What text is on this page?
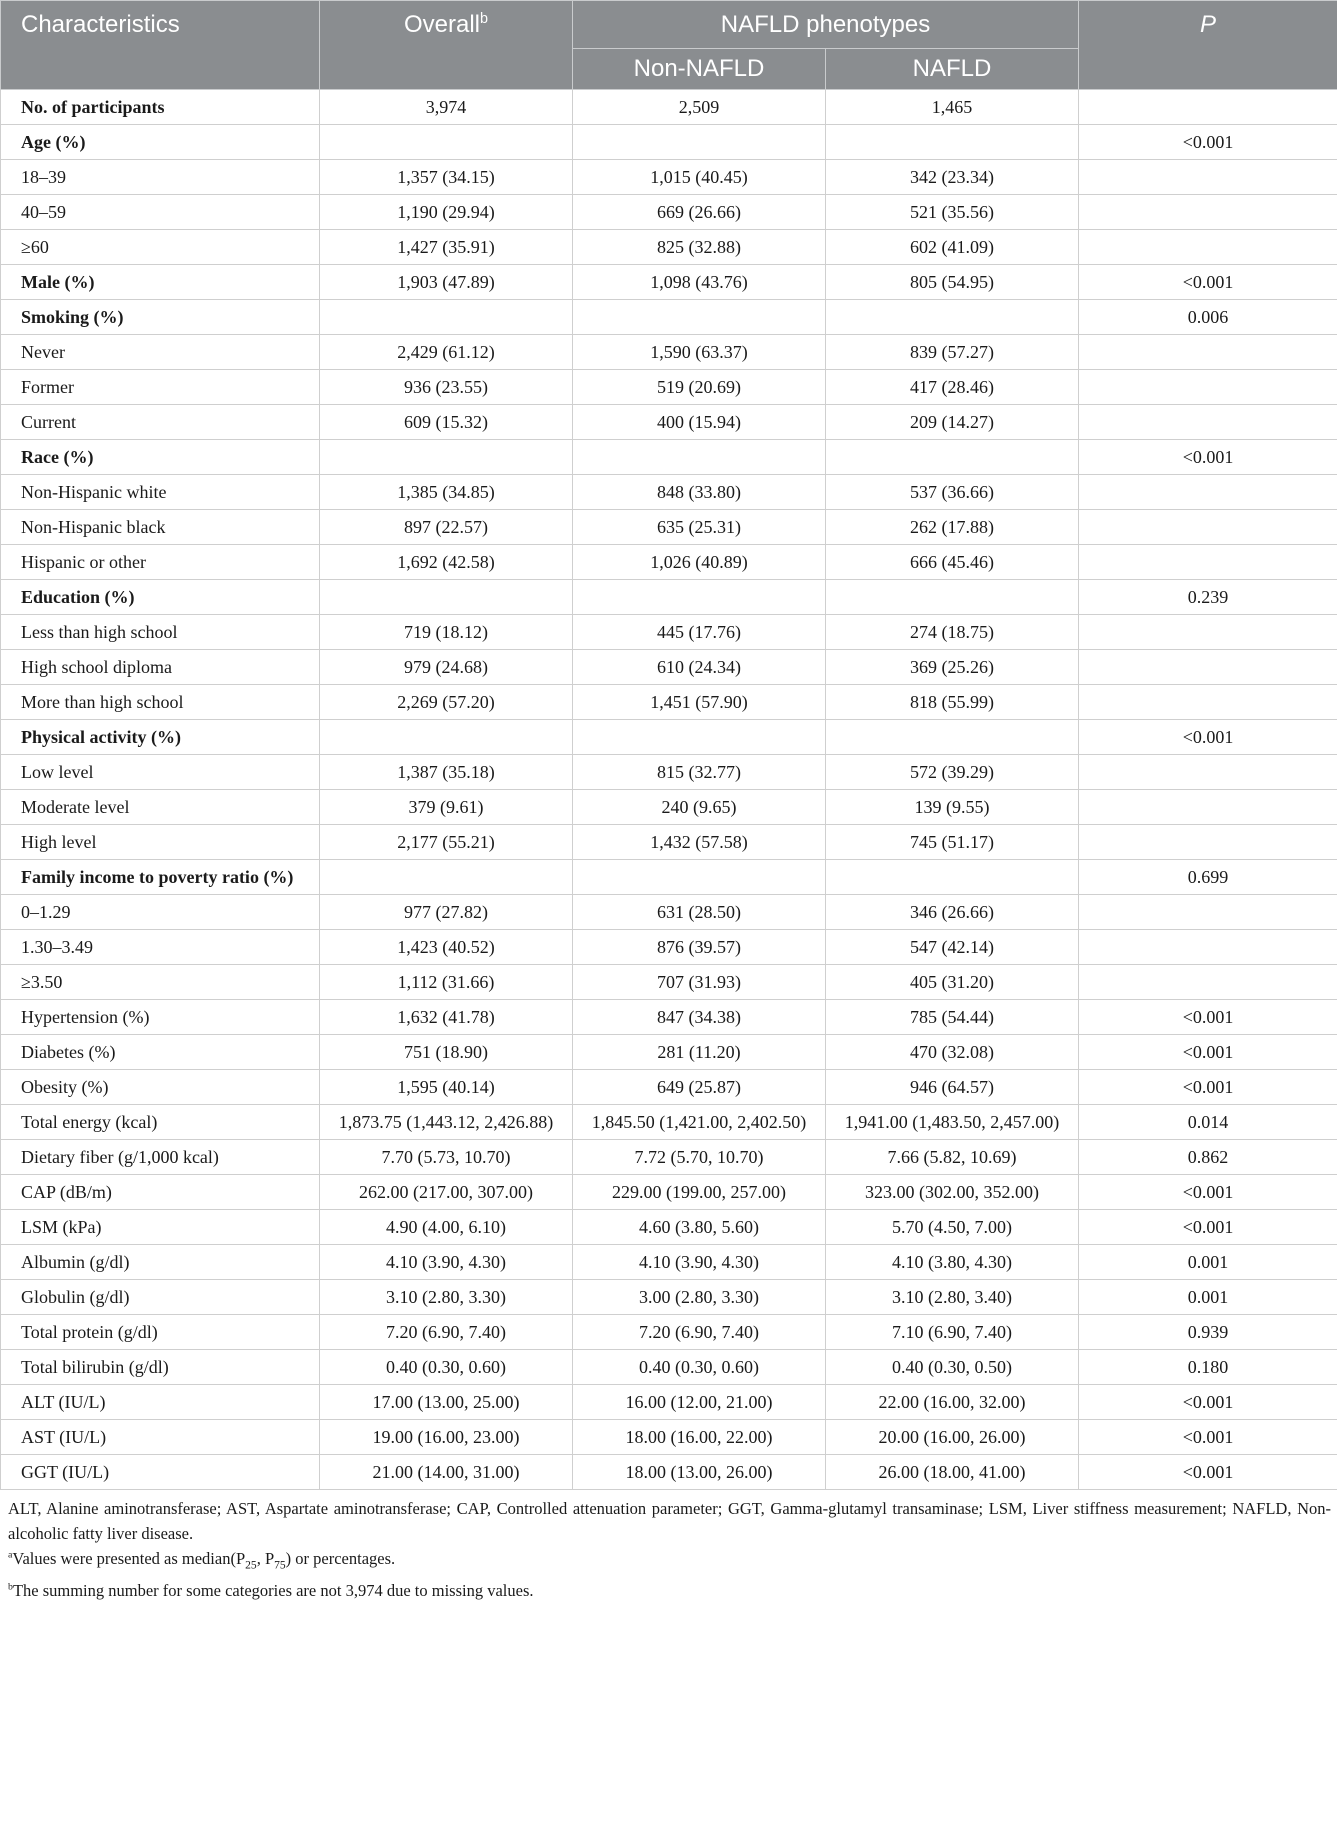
Characteristics	Overall$^b$	NAFLD phenotypes		P
		Non-NAFLD	NAFLD	
No. of participants	3,974	2,509	1,465	
Age (%)				<0.001
18–39	1,357 (34.15)	1,015 (40.45)	342 (23.34)	
40–59	1,190 (29.94)	669 (26.66)	521 (35.56)	
≥60	1,427 (35.91)	825 (32.88)	602 (41.09)	
Male (%)	1,903 (47.89)	1,098 (43.76)	805 (54.95)	<0.001
Smoking (%)				0.006
Never	2,429 (61.12)	1,590 (63.37)	839 (57.27)	
Former	936 (23.55)	519 (20.69)	417 (28.46)	
Current	609 (15.32)	400 (15.94)	209 (14.27)	
Race (%)				<0.001
Non-Hispanic white	1,385 (34.85)	848 (33.80)	537 (36.66)	
Non-Hispanic black	897 (22.57)	635 (25.31)	262 (17.88)	
Hispanic or other	1,692 (42.58)	1,026 (40.89)	666 (45.46)	
Education (%)				0.239
Less than high school	719 (18.12)	445 (17.76)	274 (18.75)	
High school diploma	979 (24.68)	610 (24.34)	369 (25.26)	
More than high school	2,269 (57.20)	1,451 (57.90)	818 (55.99)	
Physical activity (%)				<0.001
Low level	1,387 (35.18)	815 (32.77)	572 (39.29)	
Moderate level	379 (9.61)	240 (9.65)	139 (9.55)	
High level	2,177 (55.21)	1,432 (57.58)	745 (51.17)	
Family income to poverty ratio (%)				0.699
0–1.29	977 (27.82)	631 (28.50)	346 (26.66)	
1.30–3.49	1,423 (40.52)	876 (39.57)	547 (42.14)	
≥3.50	1,112 (31.66)	707 (31.93)	405 (31.20)	
Hypertension (%)	1,632 (41.78)	847 (34.38)	785 (54.44)	<0.001
Diabetes (%)	751 (18.90)	281 (11.20)	470 (32.08)	<0.001
Obesity (%)	1,595 (40.14)	649 (25.87)	946 (64.57)	<0.001
Total energy (kcal)	1,873.75 (1,443.12, 2,426.88)	1,845.50 (1,421.00, 2,402.50)	1,941.00 (1,483.50, 2,457.00)	0.014
Dietary fiber (g/1,000 kcal)	7.70 (5.73, 10.70)	7.72 (5.70, 10.70)	7.66 (5.82, 10.69)	0.862
CAP (dB/m)	262.00 (217.00, 307.00)	229.00 (199.00, 257.00)	323.00 (302.00, 352.00)	<0.001
LSM (kPa)	4.90 (4.00, 6.10)	4.60 (3.80, 5.60)	5.70 (4.50, 7.00)	<0.001
Albumin (g/dl)	4.10 (3.90, 4.30)	4.10 (3.90, 4.30)	4.10 (3.80, 4.30)	0.001
Globulin (g/dl)	3.10 (2.80, 3.30)	3.00 (2.80, 3.30)	3.10 (2.80, 3.40)	0.001
Total protein (g/dl)	7.20 (6.90, 7.40)	7.20 (6.90, 7.40)	7.10 (6.90, 7.40)	0.939
Total bilirubin (g/dl)	0.40 (0.30, 0.60)	0.40 (0.30, 0.60)	0.40 (0.30, 0.50)	0.180
ALT (IU/L)	17.00 (13.00, 25.00)	16.00 (12.00, 21.00)	22.00 (16.00, 32.00)	<0.001
AST (IU/L)	19.00 (16.00, 23.00)	18.00 (16.00, 22.00)	20.00 (16.00, 26.00)	<0.001
GGT (IU/L)	21.00 (14.00, 31.00)	18.00 (13.00, 26.00)	26.00 (18.00, 41.00)	<0.001

ALT, Alanine aminotransferase; AST, Aspartate aminotransferase; CAP, Controlled attenuation parameter; GGT, Gamma-glutamyl transaminase; LSM, Liver stiffness measurement; NAFLD, Non-alcoholic fatty liver disease.

$^a$Values were presented as $median(P_{25}$, $P_{75}$) or percentages.

$^b$The summing number for some categories are not 3,974 due to missing values.
